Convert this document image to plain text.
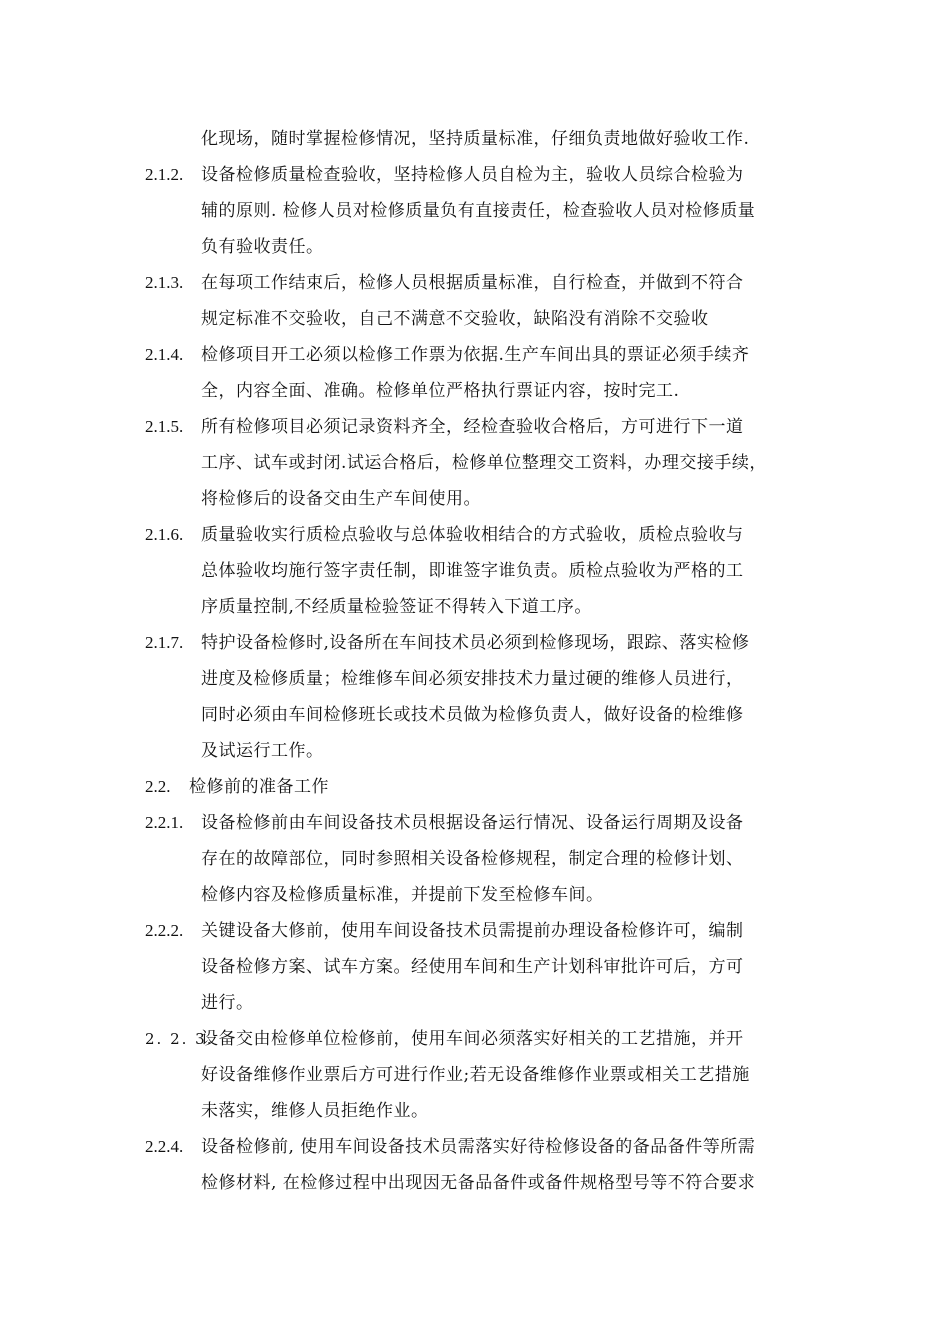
化现场，随时掌握检修情况，坚持质量标准，仔细负责地做好验收工作.
2.1.2. 设备检修质量检查验收，坚持检修人员自检为主，验收人员综合检验为
辅的原则. 检修人员对检修质量负有直接责任，检查验收人员对检修质量
负有验收责任。
2.1.3. 在每项工作结束后，检修人员根据质量标准，自行检查，并做到不符合
规定标准不交验收，自己不满意不交验收，缺陷没有消除不交验收
2.1.4. 检修项目开工必须以检修工作票为依据.生产车间出具的票证必须手续齐
全，内容全面、准确。检修单位严格执行票证内容，按时完工.
2.1.5. 所有检修项目必须记录资料齐全，经检查验收合格后，方可进行下一道
工序、试车或封闭.试运合格后，检修单位整理交工资料，办理交接手续，
将检修后的设备交由生产车间使用。
2.1.6. 质量验收实行质检点验收与总体验收相结合的方式验收，质检点验收与
总体验收均施行签字责任制，即谁签字谁负责。质检点验收为严格的工
序质量控制,不经质量检验签证不得转入下道工序。
2.1.7. 特护设备检修时,设备所在车间技术员必须到检修现场，跟踪、落实检修
进度及检修质量；检维修车间必须安排技术力量过硬的维修人员进行，
同时必须由车间检修班长或技术员做为检修负责人，做好设备的检维修
及试运行工作。
2.2. 检修前的准备工作
2.2.1. 设备检修前由车间设备技术员根据设备运行情况、设备运行周期及设备
存在的故障部位，同时参照相关设备检修规程，制定合理的检修计划、
检修内容及检修质量标准，并提前下发至检修车间。
2.2.2. 关键设备大修前，使用车间设备技术员需提前办理设备检修许可，编制
设备检修方案、试车方案。经使用车间和生产计划科审批许可后，方可
进行。
2. 2. 3.
设备交由检修单位检修前，使用车间必须落实好相关的工艺措施，并开
好设备维修作业票后方可进行作业;若无设备维修作业票或相关工艺措施
未落实，维修人员拒绝作业。
2.2.4. 设备检修前, 使用车间设备技术员需落实好待检修设备的备品备件等所需
检修材料, 在检修过程中出现因无备品备件或备件规格型号等不符合要求
